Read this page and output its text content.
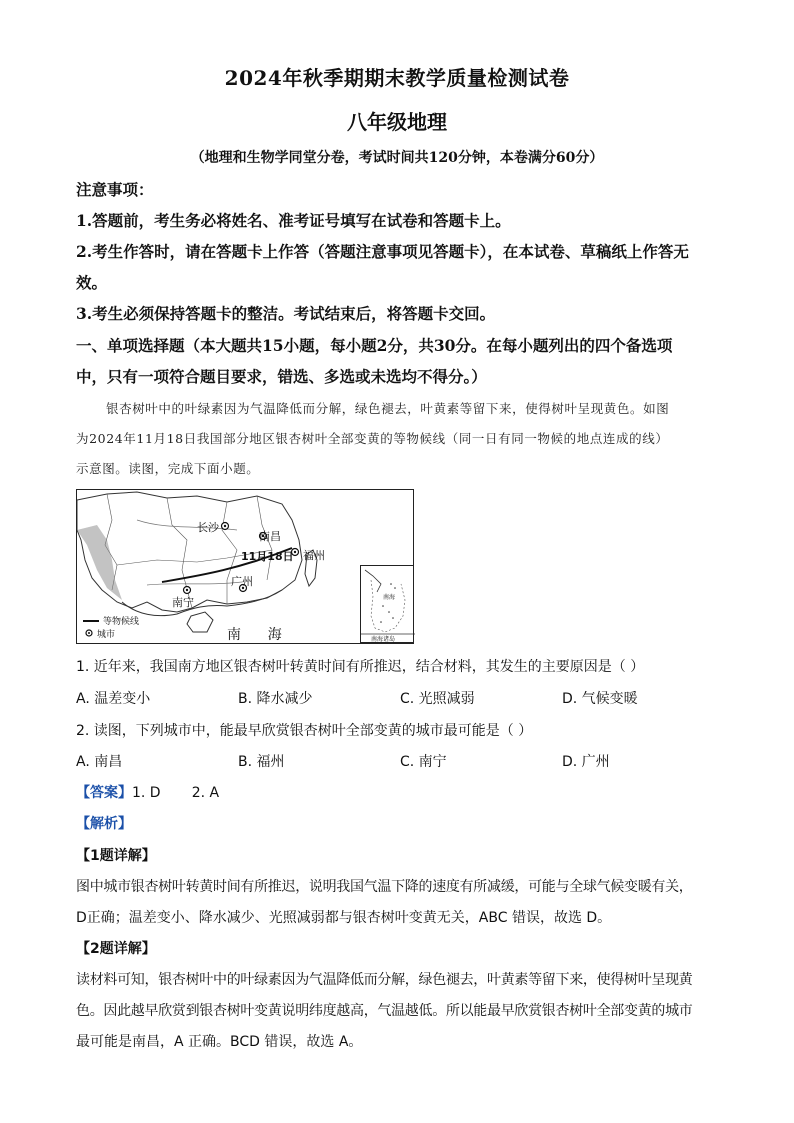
2024年秋季期期末教学质量检测试卷
八年级地理
（地理和生物学同堂分卷，考试时间共120分钟，本卷满分60分）
注意事项：
1.答题前，考生务必将姓名、准考证号填写在试卷和答题卡上。
2.考生作答时，请在答题卡上作答（答题注意事项见答题卡），在本试卷、草稿纸上作答无
效。
3.考生必须保持答题卡的整洁。考试结束后，将答题卡交回。
一、单项选择题（本大题共15小题，每小题2分，共30分。在每小题列出的四个备选项
中，只有一项符合题目要求，错选、多选或未选均不得分。）
银杏树叶中的叶绿素因为气温降低而分解，绿色褪去，叶黄素等留下来，使得树叶呈现黄色。如图
为2024年11月18日我国部分地区银杏树叶全部变黄的等物候线（同一日有同一物候的地点连成的线）
示意图。读图，完成下面小题。
长沙
南昌
11月18日 福州
广州
南宁
南      海
等物候线
城市
南海
南海诸岛
1. 近年来，我国南方地区银杏树叶转黄时间有所推迟，结合材料，其发生的主要原因是（ ）
A. 温差变小	B. 降水减少	C. 光照减弱	D. 气候变暖
2. 读图，下列城市中，能最早欣赏银杏树叶全部变黄的城市最可能是（ ）
A. 南昌	B. 福州	C. 南宁	D. 广州
【答案】1. D       2. A
【解析】
【1题详解】
图中城市银杏树叶转黄时间有所推迟，说明我国气温下降的速度有所减缓，可能与全球气候变暖有关，
D正确；温差变小、降水减少、光照减弱都与银杏树叶变黄无关，ABC 错误，故选 D。
【2题详解】
读材料可知，银杏树叶中的叶绿素因为气温降低而分解，绿色褪去，叶黄素等留下来，使得树叶呈现黄
色。因此越早欣赏到银杏树叶变黄说明纬度越高，气温越低。所以能最早欣赏银杏树叶全部变黄的城市
最可能是南昌，A 正确。BCD 错误，故选 A。
